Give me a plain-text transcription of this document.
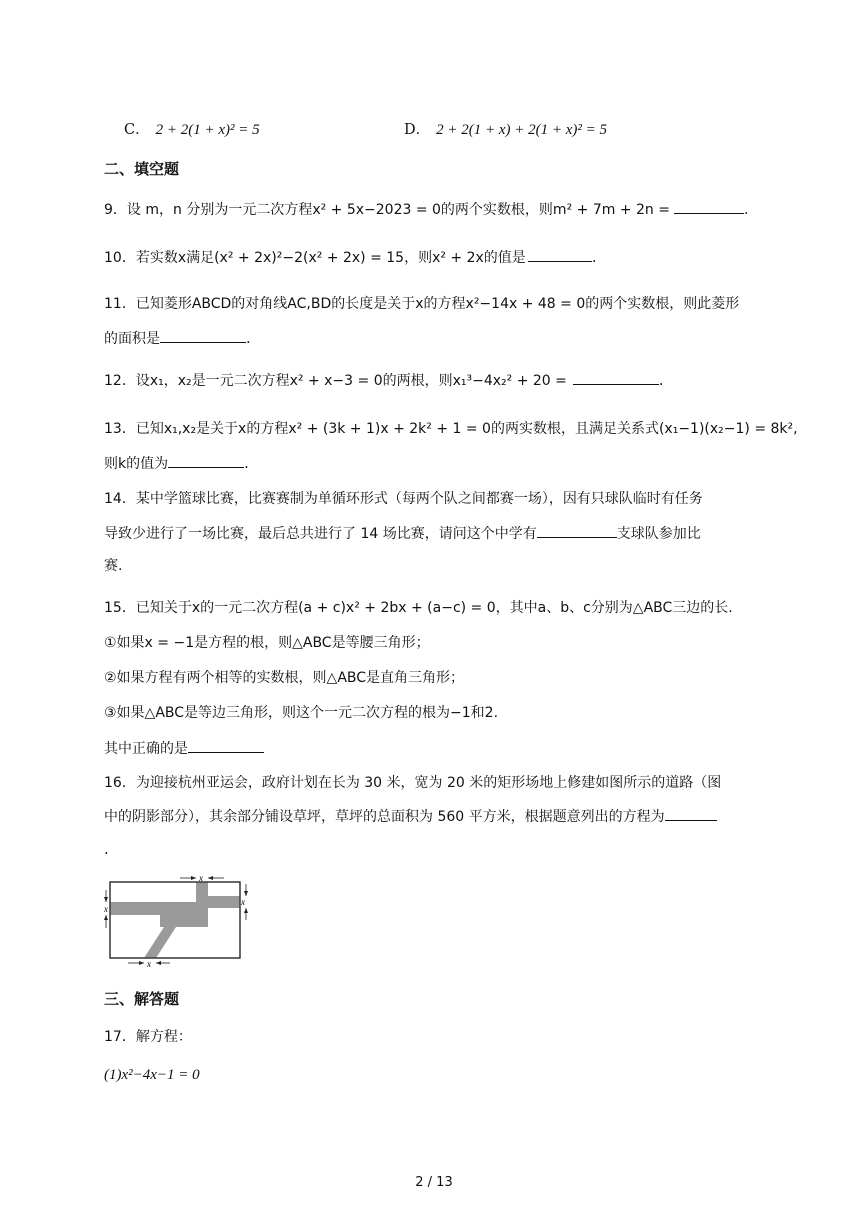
C． 2 + 2(1 + x)² = 5	D． 2 + 2(1 + x) + 2(1 + x)² = 5
二、填空题
9．设 m，n 分别为一元二次方程x² + 5x−2023 = 0的两个实数根，则m² + 7m + 2n =	．
10．若实数x满足(x² + 2x)²−2(x² + 2x) = 15，则x² + 2x的值是	.
11．已知菱形ABCD的对角线AC,BD的长度是关于x的方程x²−14x + 48 = 0的两个实数根，则此菱形
的面积是	.
12．设x₁，x₂是一元二次方程x² + x−3 = 0的两根，则x₁³−4x₂² + 20 =	.
13．已知x₁,x₂是关于x的方程x² + (3k + 1)x + 2k² + 1 = 0的两实数根，且满足关系式(x₁−1)(x₂−1) = 8k²,
则k的值为	.
14．某中学篮球比赛，比赛赛制为单循环形式（每两个队之间都赛一场），因有只球队临时有任务
导致少进行了一场比赛，最后总共进行了 14 场比赛，请问这个中学有	支球队参加比
赛.
15．已知关于x的一元二次方程(a + c)x² + 2bx + (a−c) = 0，其中a、b、c分别为△ABC三边的长.
①如果x = −1是方程的根，则△ABC是等腰三角形；
②如果方程有两个相等的实数根，则△ABC是直角三角形；
③如果△ABC是等边三角形，则这个一元二次方程的根为−1和2.
其中正确的是
16．为迎接杭州亚运会，政府计划在长为 30 米，宽为 20 米的矩形场地上修建如图所示的道路（图
中的阴影部分），其余部分铺设草坪，草坪的总面积为 560 平方米，根据题意列出的方程为
.
x
x
x
x
三、解答题
17．解方程：
(1)x²−4x−1 = 0
2 / 13
